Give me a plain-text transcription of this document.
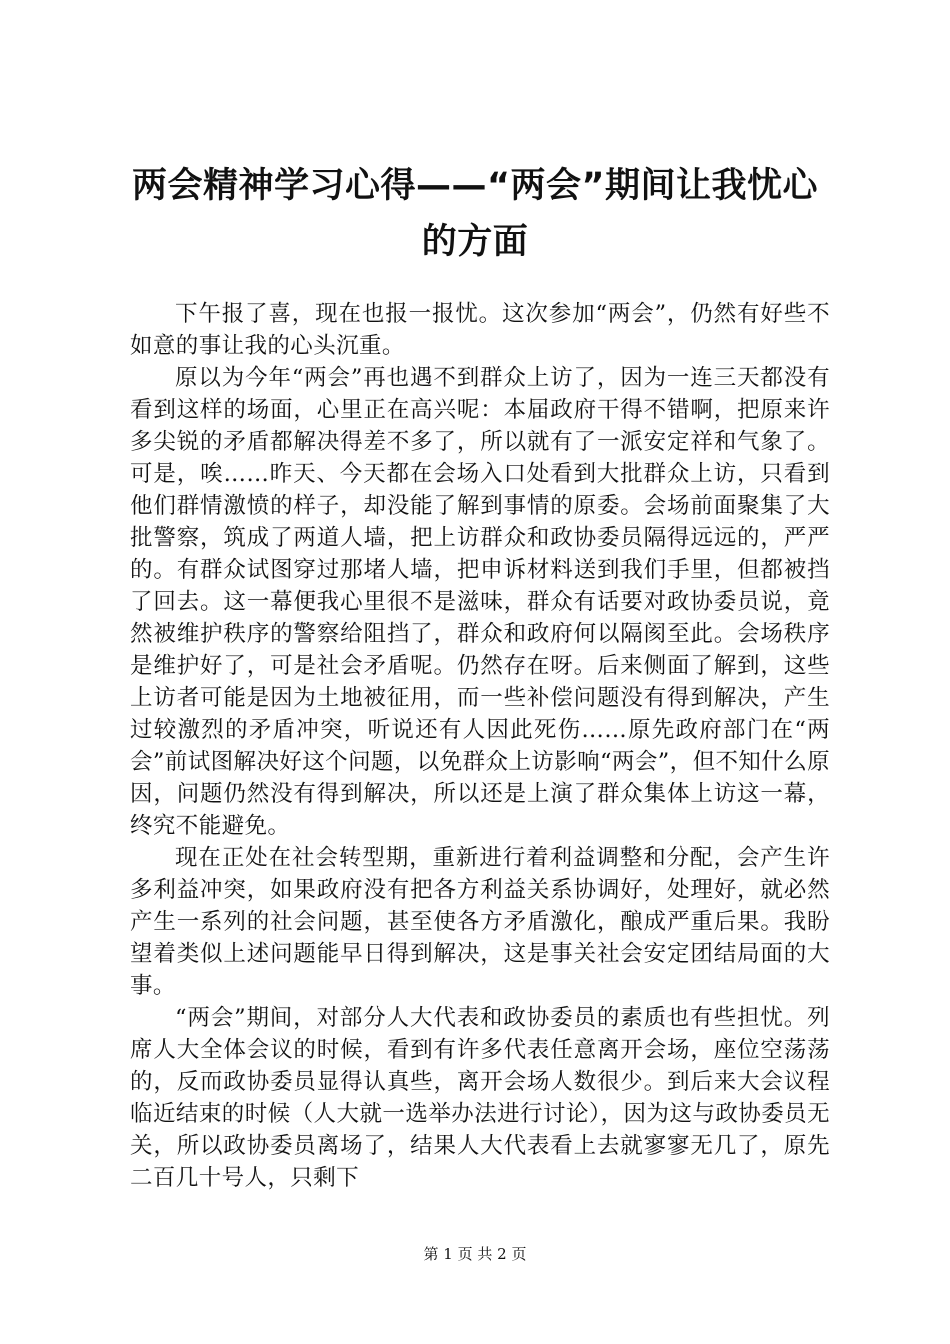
两会精神学习心得——“两会”期间让我忧心的方面

下午报了喜，现在也报一报忧。这次参加“两会”，仍然有好些不如意的事让我的心头沉重。

原以为今年“两会”再也遇不到群众上访了，因为一连三天都没有看到这样的场面，心里正在高兴呢：本届政府干得不错啊，把原来许多尖锐的矛盾都解决得差不多了，所以就有了一派安定祥和气象了。可是，唉……昨天、今天都在会场入口处看到大批群众上访，只看到他们群情激愤的样子，却没能了解到事情的原委。会场前面聚集了大批警察，筑成了两道人墙，把上访群众和政协委员隔得远远的，严严的。有群众试图穿过那堵人墙，把申诉材料送到我们手里，但都被挡了回去。这一幕便我心里很不是滋味，群众有话要对政协委员说，竟然被维护秩序的警察给阻挡了，群众和政府何以隔阂至此。会场秩序是维护好了，可是社会矛盾呢。仍然存在呀。后来侧面了解到，这些上访者可能是因为土地被征用，而一些补偿问题没有得到解决，产生过较激烈的矛盾冲突，听说还有人因此死伤……原先政府部门在“两会”前试图解决好这个问题，以免群众上访影响“两会”，但不知什么原因，问题仍然没有得到解决，所以还是上演了群众集体上访这一幕，终究不能避免。

现在正处在社会转型期，重新进行着利益调整和分配，会产生许多利益冲突，如果政府没有把各方利益关系协调好，处理好，就必然产生一系列的社会问题，甚至使各方矛盾激化，酿成严重后果。我盼望着类似上述问题能早日得到解决，这是事关社会安定团结局面的大事。

“两会”期间，对部分人大代表和政协委员的素质也有些担忧。列席人大全体会议的时候，看到有许多代表任意离开会场，座位空荡荡的，反而政协委员显得认真些，离开会场人数很少。到后来大会议程临近结束的时候（人大就一选举办法进行讨论），因为这与政协委员无关，所以政协委员离场了，结果人大代表看上去就寥寥无几了，原先二百几十号人，只剩下

第 1 页 共 2 页
